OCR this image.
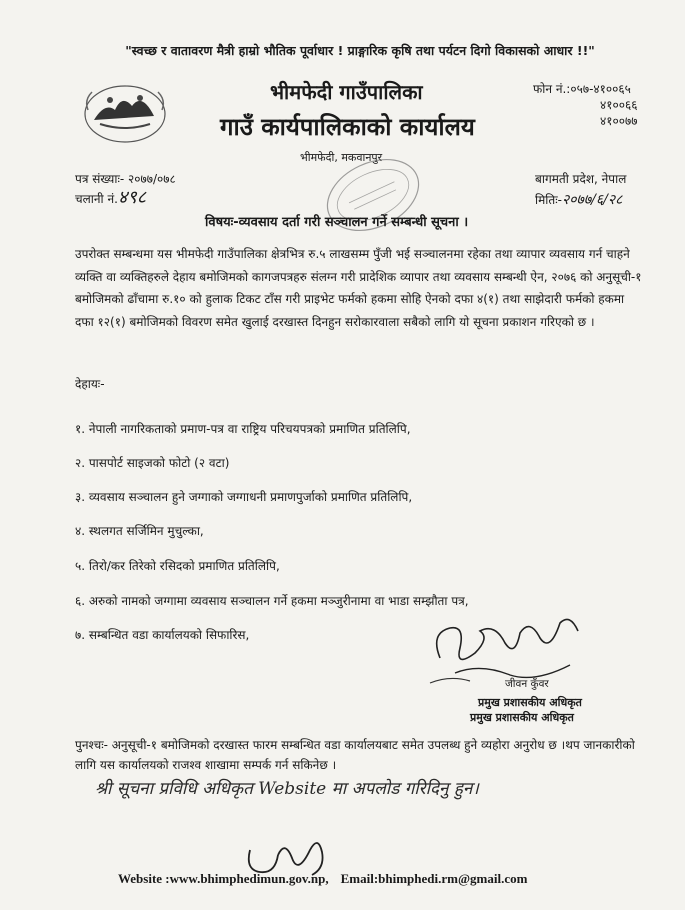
"स्वच्छ र वातावरण मैत्री हाम्रो भौतिक पूर्वाधार ! प्राङ्गारिक कृषि तथा पर्यटन दिगो विकासको आधार !!"
भीमफेदी गाउँपालिका
गाउँ कार्यपालिकाको कार्यालय
फोन नं.:०५७-४१००६५
४१००६६
४१००७७
भीमफेदी, मकवानपुर
पत्र संख्याः- २०७७/०७८
चलानी नं. ४९८
बागमती प्रदेश, नेपाल
मितिः-२०७७/६/२८
विषयः-व्यवसाय दर्ता गरी सञ्चालन गर्ने सम्बन्धी सूचना ।
उपरोक्त सम्बन्धमा यस भीमफेदी गाउँपालिका क्षेत्रभित्र रु.५ लाखसम्म पुँजी भई सञ्चालनमा रहेका तथा व्यापार व्यवसाय गर्न चाहने व्यक्ति वा व्यक्तिहरुले देहाय बमोजिमको कागजपत्रहरु संलग्न गरी प्रादेशिक व्यापार तथा व्यवसाय सम्बन्धी ऐन, २०७६ को अनुसूची-१ बमोजिमको ढाँचामा रु.१० को हुलाक टिकट टाँस गरी प्राइभेट फर्मको हकमा सोहि ऐनको दफा ४(१) तथा साझेदारी फर्मको हकमा दफा १२(१) बमोजिमको विवरण समेत खुलाई दरखास्त दिनहुन सरोकारवाला सबैको लागि यो सूचना प्रकाशन गरिएको छ ।
देहायः-
१. नेपाली नागरिकताको प्रमाण-पत्र वा राष्ट्रिय परिचयपत्रको प्रमाणित प्रतिलिपि,
२. पासपोर्ट साइजको फोटो (२ वटा)
३. व्यवसाय सञ्चालन हुने जग्गाको जग्गाधनी प्रमाणपुर्जाको प्रमाणित प्रतिलिपि,
४. स्थलगत सर्जिमिन मुचुल्का,
५. तिरो/कर तिरेको रसिदको प्रमाणित प्रतिलिपि,
६. अरुको नामको जग्गामा व्यवसाय सञ्चालन गर्ने हकमा मञ्जुरीनामा वा भाडा सम्झौता पत्र,
७. सम्बन्धित वडा कार्यालयको सिफारिस,
जीवन कुँवर
प्रमुख प्रशासकीय अधिकृत
प्रमुख प्रशासकीय अधिकृत
पुनश्चः- अनुसूची-१ बमोजिमको दरखास्त फारम सम्बन्धित वडा कार्यालयबाट समेत उपलब्ध हुने व्यहोरा अनुरोध छ ।थप जानकारीको लागि यस कार्यालयको राजश्व शाखामा सम्पर्क गर्न सकिनेछ ।
श्री सूचना प्रविधि अधिकृत Website मा अपलोड गरिदिनु हुन।
Website :www.bhimphedimun.gov.np, Email:bhimphedi.rm@gmail.com
